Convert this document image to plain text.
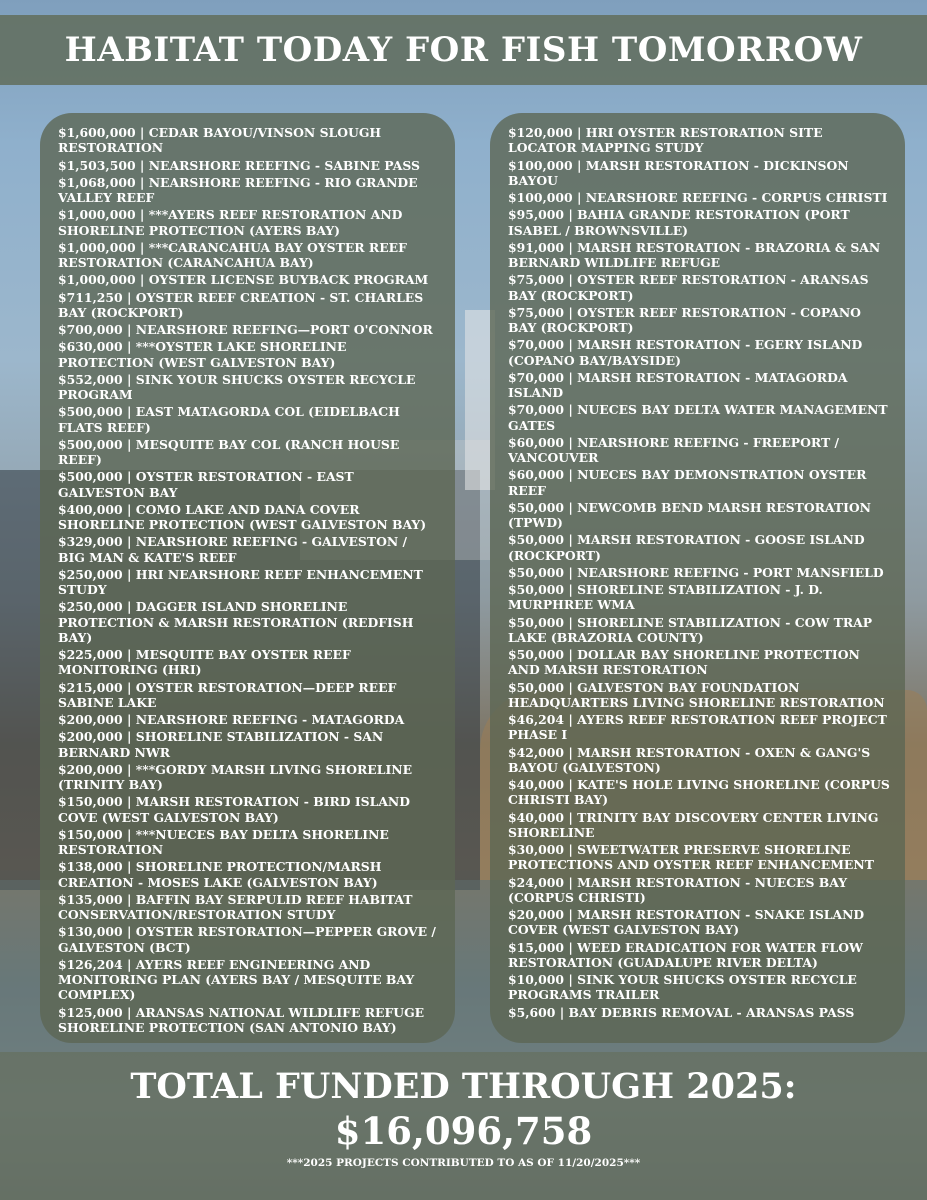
HABITAT TODAY FOR FISH TOMORROW
$1,600,000 | CEDAR BAYOU/VINSON SLOUGH RESTORATION
$1,503,500 | NEARSHORE REEFING - SABINE PASS
$1,068,000 | NEARSHORE REEFING - RIO GRANDE VALLEY REEF
$1,000,000 | ***AYERS REEF RESTORATION AND SHORELINE PROTECTION (AYERS BAY)
$1,000,000 | ***CARANCAHUA BAY OYSTER REEF RESTORATION (CARANCAHUA BAY)
$1,000,000 | OYSTER LICENSE BUYBACK PROGRAM
$711,250 | OYSTER REEF CREATION - ST. CHARLES BAY (ROCKPORT)
$700,000 | NEARSHORE REEFING—PORT O'CONNOR
$630,000 | ***OYSTER LAKE SHORELINE PROTECTION (WEST GALVESTON BAY)
$552,000 | SINK YOUR SHUCKS OYSTER RECYCLE PROGRAM
$500,000 | EAST MATAGORDA COL (EIDELBACH FLATS REEF)
$500,000 | MESQUITE BAY COL (RANCH HOUSE REEF)
$500,000 | OYSTER RESTORATION - EAST GALVESTON BAY
$400,000 | COMO LAKE AND DANA COVER SHORELINE PROTECTION (WEST GALVESTON BAY)
$329,000 | NEARSHORE REEFING - GALVESTON / BIG MAN & KATE'S REEF
$250,000 | HRI NEARSHORE REEF ENHANCEMENT STUDY
$250,000 | DAGGER ISLAND SHORELINE PROTECTION & MARSH RESTORATION (REDFISH BAY)
$225,000 | MESQUITE BAY OYSTER REEF MONITORING (HRI)
$215,000 | OYSTER RESTORATION—DEEP REEF SABINE LAKE
$200,000 | NEARSHORE REEFING - MATAGORDA
$200,000 | SHORELINE STABILIZATION - SAN BERNARD NWR
$200,000 | ***GORDY MARSH LIVING SHORELINE (TRINITY BAY)
$150,000 | MARSH RESTORATION - BIRD ISLAND COVE (WEST GALVESTON BAY)
$150,000 | ***NUECES BAY DELTA SHORELINE RESTORATION
$138,000 | SHORELINE PROTECTION/MARSH CREATION - MOSES LAKE (GALVESTON BAY)
$135,000 | BAFFIN BAY SERPULID REEF HABITAT CONSERVATION/RESTORATION STUDY
$130,000 | OYSTER RESTORATION—PEPPER GROVE / GALVESTON (BCT)
$126,204 | AYERS REEF ENGINEERING AND MONITORING PLAN (AYERS BAY / MESQUITE BAY COMPLEX)
$125,000 | ARANSAS NATIONAL WILDLIFE REFUGE SHORELINE PROTECTION (SAN ANTONIO BAY)
$120,000 | HRI OYSTER RESTORATION SITE LOCATOR MAPPING STUDY
$100,000 | MARSH RESTORATION - DICKINSON BAYOU
$100,000 | NEARSHORE REEFING - CORPUS CHRISTI
$95,000 | BAHIA GRANDE RESTORATION (PORT ISABEL / BROWNSVILLE)
$91,000 | MARSH RESTORATION - BRAZORIA & SAN BERNARD WILDLIFE REFUGE
$75,000 | OYSTER REEF RESTORATION - ARANSAS BAY (ROCKPORT)
$75,000 | OYSTER REEF RESTORATION - COPANO BAY (ROCKPORT)
$70,000 | MARSH RESTORATION - EGERY ISLAND (COPANO BAY/BAYSIDE)
$70,000 | MARSH RESTORATION - MATAGORDA ISLAND
$70,000 | NUECES BAY DELTA WATER MANAGEMENT GATES
$60,000 | NEARSHORE REEFING - FREEPORT / VANCOUVER
$60,000 | NUECES BAY DEMONSTRATION OYSTER REEF
$50,000 | NEWCOMB BEND MARSH RESTORATION (TPWD)
$50,000 | MARSH RESTORATION - GOOSE ISLAND (ROCKPORT)
$50,000 | NEARSHORE REEFING - PORT MANSFIELD
$50,000 | SHORELINE STABILIZATION - J. D. MURPHREE WMA
$50,000 | SHORELINE STABILIZATION - COW TRAP LAKE (BRAZORIA COUNTY)
$50,000 | DOLLAR BAY SHORELINE PROTECTION AND MARSH RESTORATION
$50,000 | GALVESTON BAY FOUNDATION HEADQUARTERS LIVING SHORELINE RESTORATION
$46,204 | AYERS REEF RESTORATION REEF PROJECT PHASE I
$42,000 | MARSH RESTORATION - OXEN & GANG'S BAYOU (GALVESTON)
$40,000 | KATE'S HOLE LIVING SHORELINE (CORPUS CHRISTI BAY)
$40,000 | TRINITY BAY DISCOVERY CENTER LIVING SHORELINE
$30,000 | SWEETWATER PRESERVE SHORELINE PROTECTIONS AND OYSTER REEF ENHANCEMENT
$24,000 | MARSH RESTORATION - NUECES BAY (CORPUS CHRISTI)
$20,000 | MARSH RESTORATION - SNAKE ISLAND COVER (WEST GALVESTON BAY)
$15,000 | WEED ERADICATION FOR WATER FLOW RESTORATION (GUADALUPE RIVER DELTA)
$10,000 | SINK YOUR SHUCKS OYSTER RECYCLE PROGRAMS TRAILER
$5,600 | BAY DEBRIS REMOVAL - ARANSAS PASS
TOTAL FUNDED THROUGH 2025:
$16,096,758
***2025 PROJECTS CONTRIBUTED TO AS OF 11/20/2025***
